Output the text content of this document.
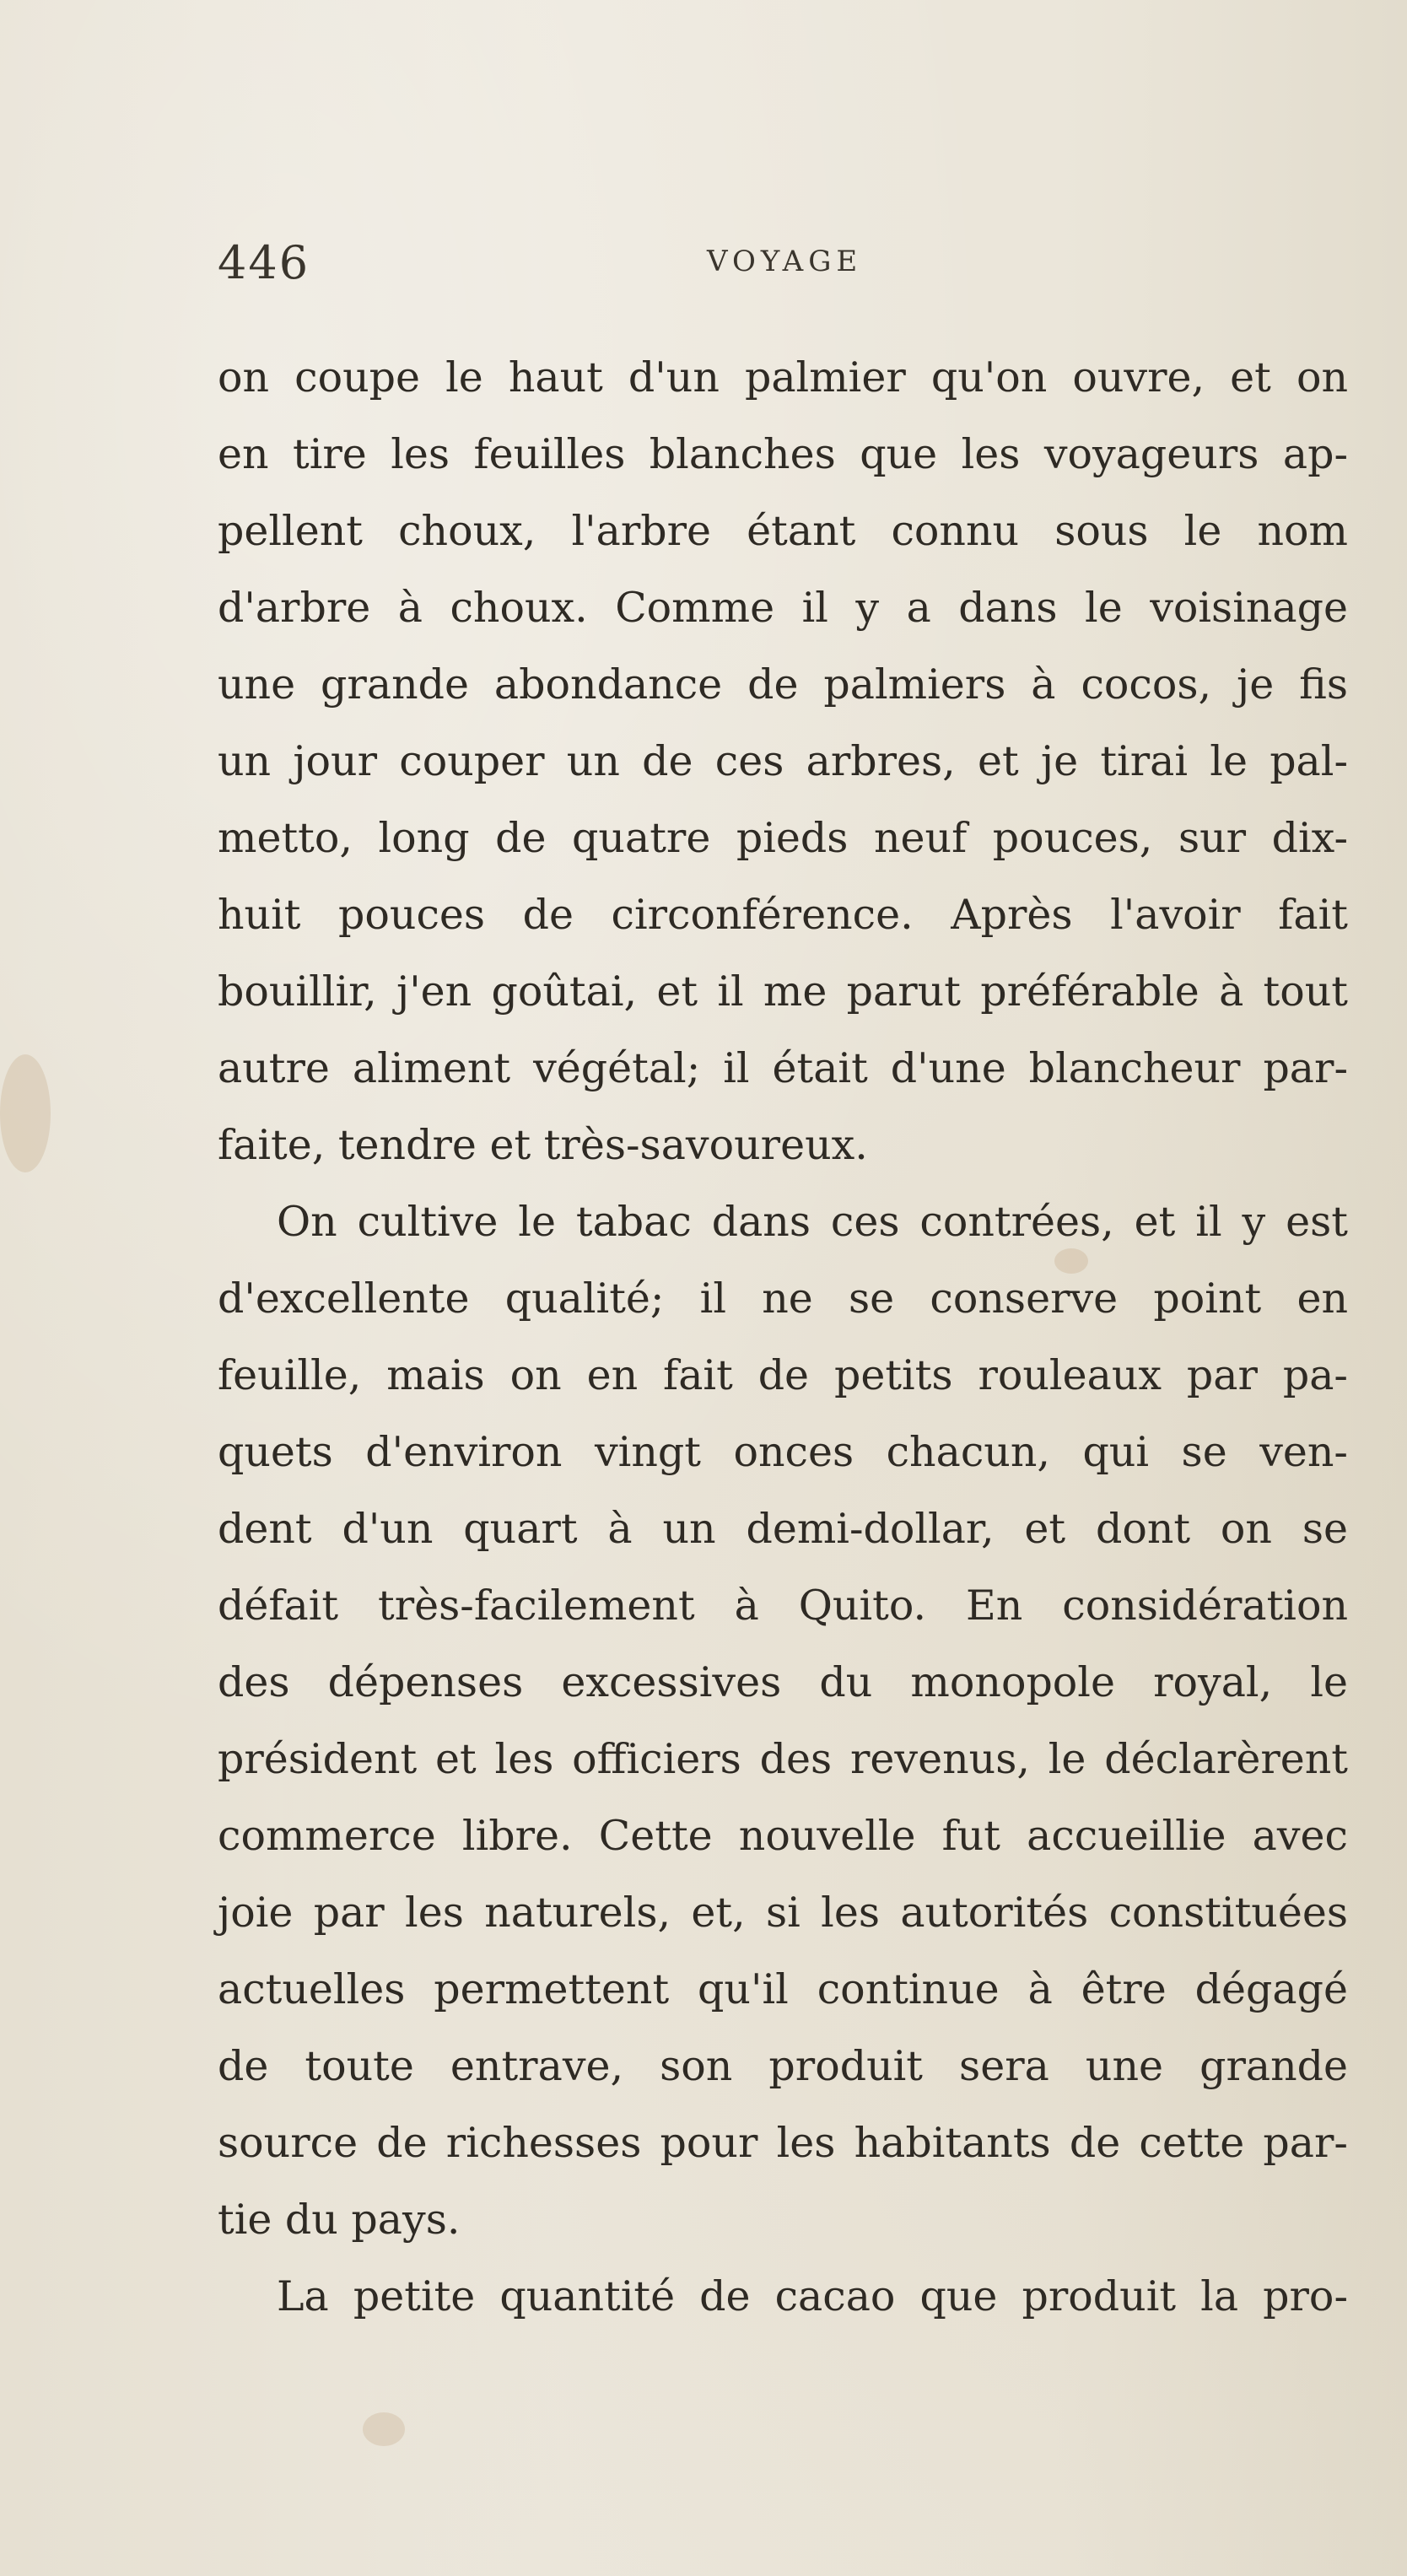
446	VOYAGE
on coupe le haut d'un palmier qu'on ouvre, et on
en tire les feuilles blanches que les voyageurs ap-
pellent choux, l'arbre étant connu sous le nom
d'arbre à choux. Comme il y a dans le voisinage
une grande abondance de palmiers à cocos, je fis
un jour couper un de ces arbres, et je tirai le pal-
metto, long de quatre pieds neuf pouces, sur dix-
huit pouces de circonférence. Après l'avoir fait
bouillir, j'en goûtai, et il me parut préférable à tout
autre aliment végétal; il était d'une blancheur par-
faite, tendre et très-savoureux.
On cultive le tabac dans ces contrées, et il y est
d'excellente qualité; il ne se conserve point en
feuille, mais on en fait de petits rouleaux par pa-
quets d'environ vingt onces chacun, qui se ven-
dent d'un quart à un demi-dollar, et dont on se
défait très-facilement à Quito. En considération
des dépenses excessives du monopole royal, le
président et les officiers des revenus, le déclarèrent
commerce libre. Cette nouvelle fut accueillie avec
joie par les naturels, et, si les autorités constituées
actuelles permettent qu'il continue à être dégagé
de toute entrave, son produit sera une grande
source de richesses pour les habitants de cette par-
tie du pays.
La petite quantité de cacao que produit la pro-
